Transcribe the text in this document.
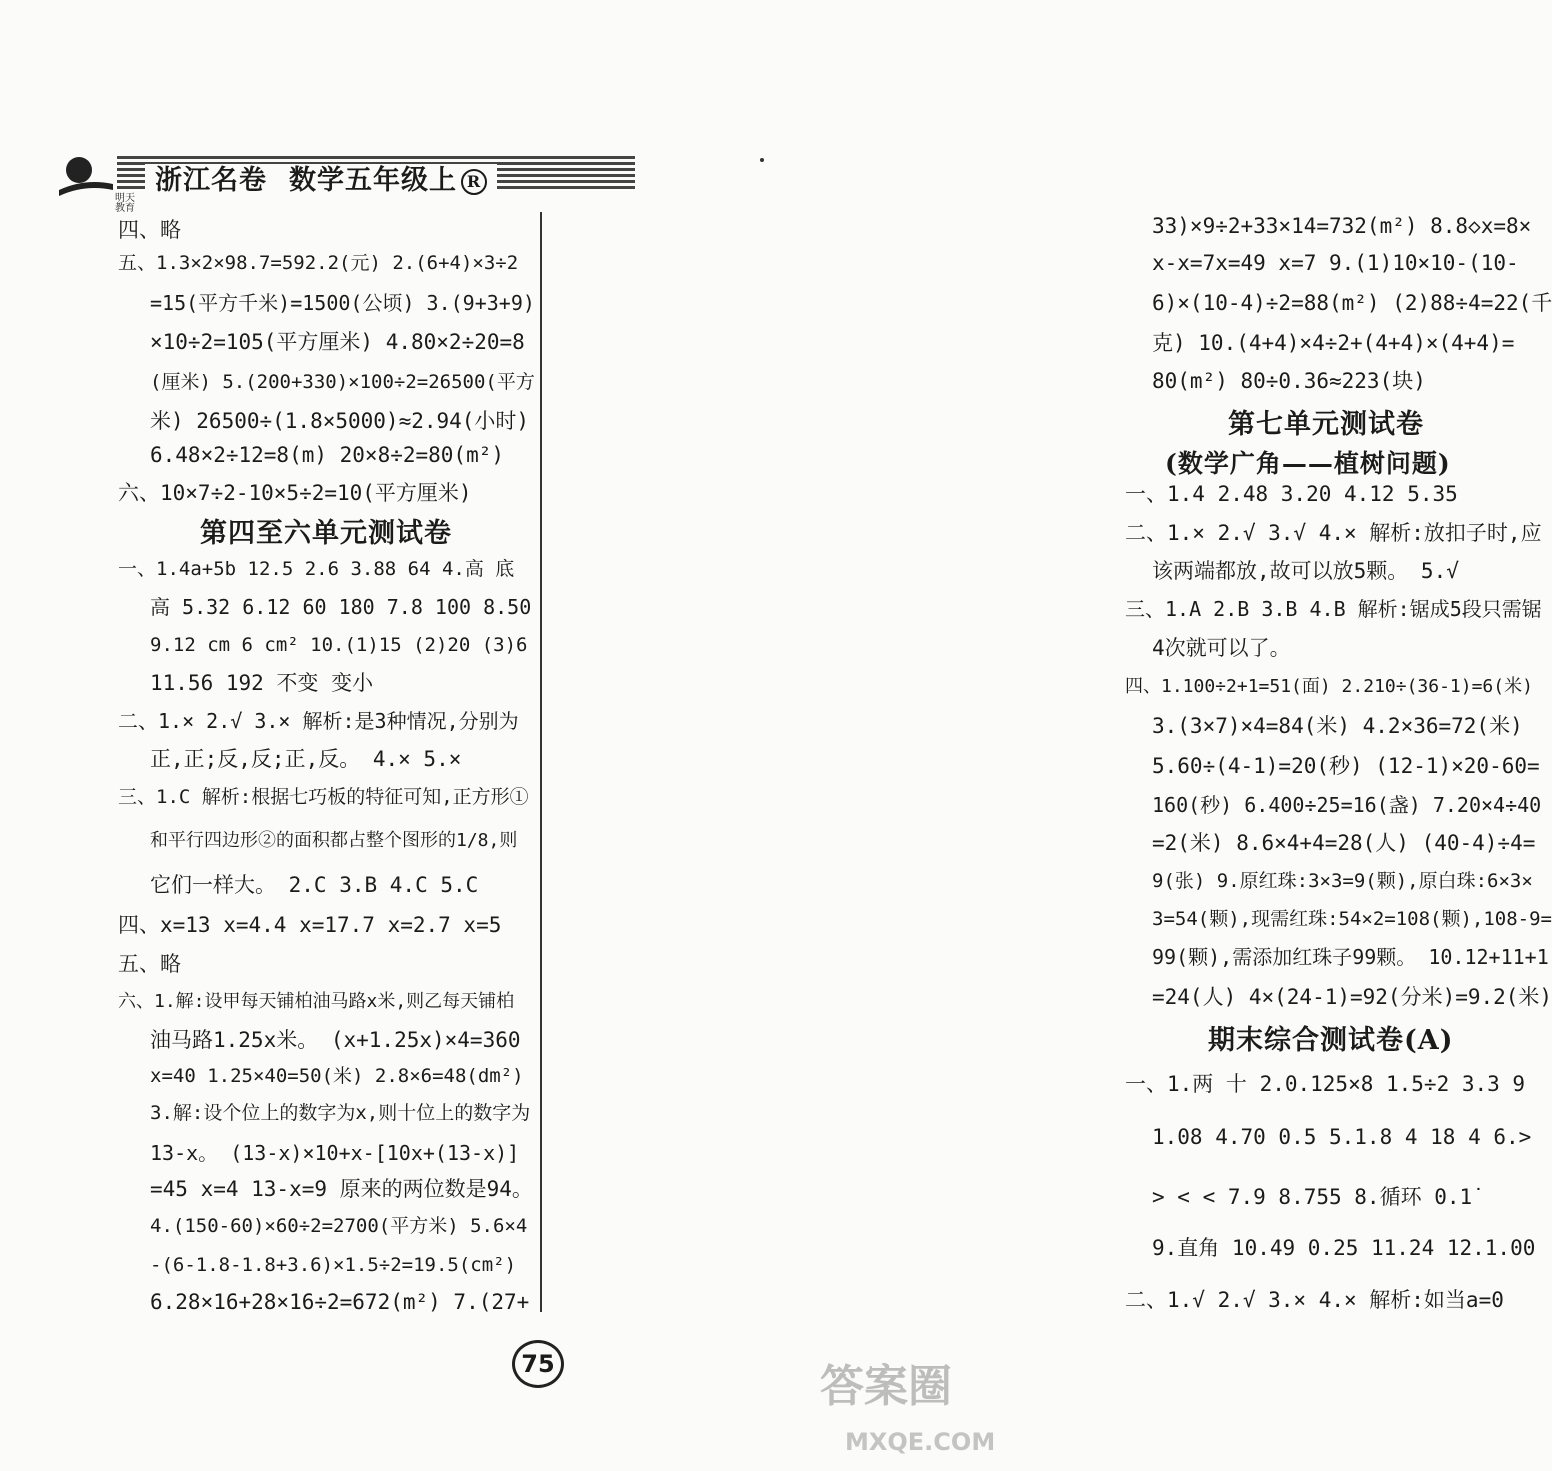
浙江名卷 数学五年级上 R
明天教育
四、略
五、1.3×2×98.7=592.2(元) 2.(6+4)×3÷2
=15(平方千米)=1500(公顷) 3.(9+3+9)
×10÷2=105(平方厘米) 4.80×2÷20=8
(厘米) 5.(200+330)×100÷2=26500(平方
米) 26500÷(1.8×5000)≈2.94(小时)
6.48×2÷12=8(m) 20×8÷2=80(m²)
六、10×7÷2-10×5÷2=10(平方厘米)
第四至六单元测试卷
一、1.4a+5b 12.5 2.6 3.88 64 4.高 底
高 5.32 6.12 60 180 7.8 100 8.50
9.12 cm 6 cm² 10.(1)15 (2)20 (3)6
11.56 192 不变 变小
二、1.× 2.√ 3.× 解析:是3种情况,分别为
正,正;反,反;正,反。 4.× 5.×
三、1.C 解析:根据七巧板的特征可知,正方形①
和平行四边形②的面积都占整个图形的1/8,则
它们一样大。 2.C 3.B 4.C 5.C
四、x=13 x=4.4 x=17.7 x=2.7 x=5
五、略
六、1.解:设甲每天铺柏油马路x米,则乙每天铺柏
油马路1.25x米。 (x+1.25x)×4=360
x=40 1.25×40=50(米) 2.8×6=48(dm²)
3.解:设个位上的数字为x,则十位上的数字为
13-x。 (13-x)×10+x-[10x+(13-x)]
=45 x=4 13-x=9 原来的两位数是94。
4.(150-60)×60÷2=2700(平方米) 5.6×4
-(6-1.8-1.8+3.6)×1.5÷2=19.5(cm²)
6.28×16+28×16÷2=672(m²) 7.(27+
33)×9÷2+33×14=732(m²) 8.8◇x=8×
x-x=7x=49 x=7 9.(1)10×10-(10-
6)×(10-4)÷2=88(m²) (2)88÷4=22(千
克) 10.(4+4)×4÷2+(4+4)×(4+4)=
80(m²) 80÷0.36≈223(块)
第七单元测试卷
(数学广角——植树问题)
一、1.4 2.48 3.20 4.12 5.35
二、1.× 2.√ 3.√ 4.× 解析:放扣子时,应
该两端都放,故可以放5颗。 5.√
三、1.A 2.B 3.B 4.B 解析:锯成5段只需锯
4次就可以了。
四、1.100÷2+1=51(面) 2.210÷(36-1)=6(米)
3.(3×7)×4=84(米) 4.2×36=72(米)
5.60÷(4-1)=20(秒) (12-1)×20-60=
160(秒) 6.400÷25=16(盏) 7.20×4÷40
=2(米) 8.6×4+4=28(人) (40-4)÷4=
9(张) 9.原红珠:3×3=9(颗),原白珠:6×3×
3=54(颗),现需红珠:54×2=108(颗),108-9=
99(颗),需添加红珠子99颗。 10.12+11+1
=24(人) 4×(24-1)=92(分米)=9.2(米)
期末综合测试卷(A)
一、1.两 十 2.0.125×8 1.5÷2 3.3 9
1.08 4.70 0.5 5.1.8 4 18 4 6.>
> < < 7.9 8.755 8.循环 0.1̇
9.直角 10.49 0.25 11.24 12.1.00
二、1.√ 2.√ 3.× 4.× 解析:如当a=0
75	答案圈
MXQE.COM
